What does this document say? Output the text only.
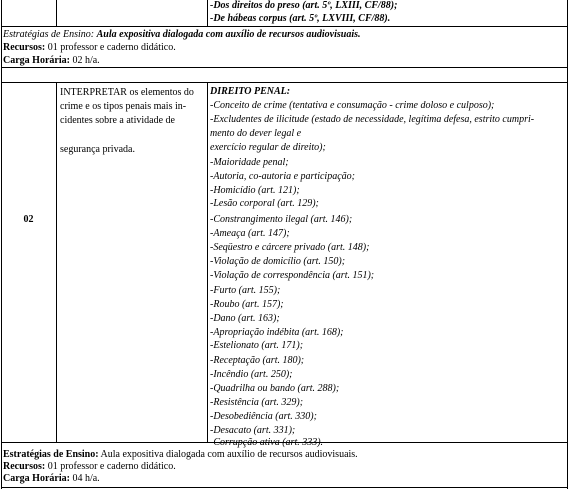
-Dos direitos do preso (art. 5º, LXIII, CF/88);
-De hábeas corpus (art. 5º, LXVIII, CF/88).
Estratégias de Ensino: Aula expositiva dialogada com auxílio de recursos audiovisuais.
Recursos: 01 professor e caderno didático.
Carga Horária: 02 h/a.
02
INTERPRETAR os elementos do
crime e os tipos penais mais in-
cidentes sobre a atividade de
segurança privada.
DIREITO PENAL:
-Conceito de crime (tentativa e consumação - crime doloso e culposo);
-Excludentes de ilicitude (estado de necessidade, legítima defesa, estrito cumpri-
mento do dever legal e
exercício regular de direito);
-Maioridade penal;
-Autoria, co-autoria e participação;
-Homicídio (art. 121);
-Lesão corporal (art. 129);
-Constrangimento ilegal (art. 146);
-Ameaça (art. 147);
-Seqüestro e cárcere privado (art. 148);
-Violação de domicílio (art. 150);
-Violação de correspondência (art. 151);
-Furto (art. 155);
-Roubo (art. 157);
-Dano (art. 163);
-Apropriação indébita (art. 168);
-Estelionato (art. 171);
-Receptação (art. 180);
-Incêndio (art. 250);
-Quadrilha ou bando (art. 288);
-Resistência (art. 329);
-Desobediência (art. 330);
-Desacato (art. 331);
Estratégias de Ensino: Aula expositiva dialogada com auxílio de recursos audiovisuais.
Recursos: 01 professor e caderno didático.
Carga Horária: 04 h/a.
